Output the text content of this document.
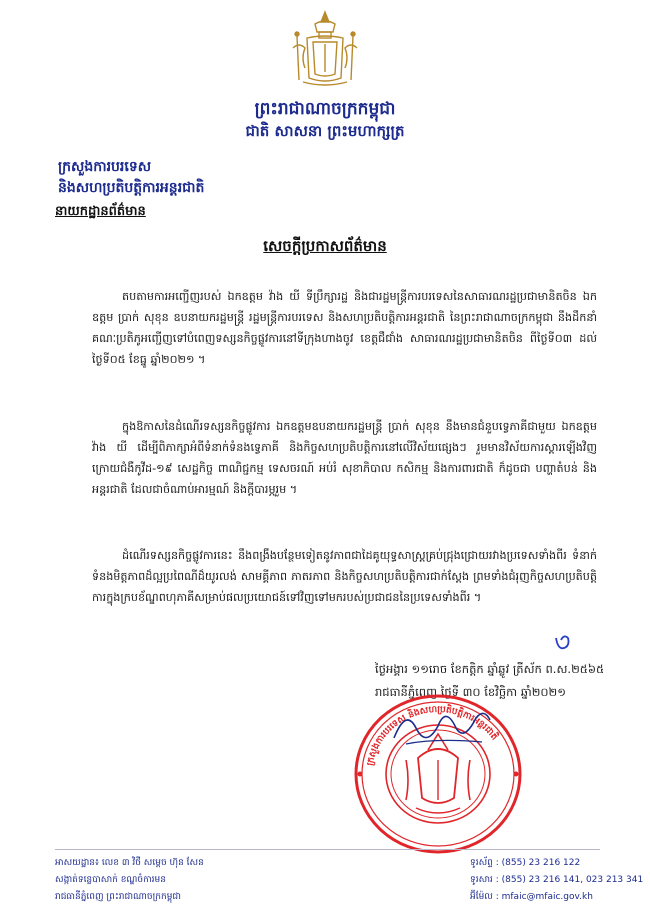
ព្រះរាជាណាចក្រកម្ពុជា
ជាតិ សាសនា ព្រះមហាក្សត្រ
ក្រសួងការបរទេស
និងសហប្រតិបត្តិការអន្តរជាតិ
នាយកដ្ឋានព័ត៌មាន
សេចក្តីប្រកាសព័ត៌មាន

តបតាមការអញ្ជើញរបស់ ឯកឧត្តម វ៉ាង យី ទីប្រឹក្សារដ្ឋ និងជារដ្ឋមន្ត្រីការបរទេសនៃសាធារណរដ្ឋប្រជាមានិតចិន ឯកឧត្តម ប្រាក់ សុខុន ឧបនាយករដ្ឋមន្ត្រី រដ្ឋមន្ត្រីការបរទេស និងសហប្រតិបត្តិការអន្តរជាតិ នៃព្រះរាជាណាចក្រកម្ពុជា នឹងដឹកនាំគណៈប្រតិភូអញ្ជើញទៅបំពេញទស្សនកិច្ចផ្លូវការនៅទីក្រុងហាងចូវ ខេត្តជឺជាំង សាធារណរដ្ឋប្រជាមានិតចិន ពីថ្ងៃទី០៣ ដល់ ថ្ងៃទី០៥ ខែធ្នូ ឆ្នាំ២០២១ ។

ក្នុងឱកាសនៃដំណើរទស្សនកិច្ចផ្លូវការ ឯកឧត្តមឧបនាយករដ្ឋមន្ត្រី ប្រាក់ សុខុន នឹងមានជំនួបទ្វេភាគីជាមួយ ឯកឧត្តម វ៉ាង យី ដើម្បីពិភាក្សាអំពីទំនាក់ទំនងទ្វេភាគី និងកិច្ចសហប្រតិបត្តិការនៅលើវិស័យផ្សេងៗ រួមមានវិស័យការស្តារឡើងវិញក្រោយជំងឺកូវីដ-១៩ សេដ្ឋកិច្ច ពាណិជ្ជកម្ម ទេសចរណ៍ អប់រំ សុខាភិបាល កសិកម្ម និងការពារជាតិ ក៏ដូចជា បញ្ហាតំបន់ និងអន្តរជាតិ ដែលជាចំណាប់អារម្មណ៍ និងក្តីបារម្ភរួម ។

ដំណើរទស្សនកិច្ចផ្លូវការនេះ នឹងពង្រឹងបន្ថែមទៀតនូវភាពជាដៃគូយុទ្ធសាស្ត្រគ្រប់ជ្រុងជ្រោយរវាងប្រទេសទាំងពីរ ទំនាក់ទំនងមិត្តភាពដ៏ល្អប្រពៃណីដ៏យូរលង់ សាមគ្គីភាព ភាតរភាព និងកិច្ចសហប្រតិបត្តិការជាក់ស្តែង ព្រមទាំងជំរុញកិច្ចសហប្រតិបត្តិការក្នុងក្របខ័ណ្ឌពហុភាគីសម្រាប់ផលប្រយោជន៍ទៅវិញទៅមករបស់ប្រជាជននៃប្រទេសទាំងពីរ ។

ថ្ងៃអង្គារ ១១រោច ខែកត្តិក ឆ្នាំឆ្លូវ ត្រីស័ក ព.ស.២៥៦៥
រាជធានីភ្នំពេញ ថ្ងៃទី ៣០ ខែវិច្ឆិកា ឆ្នាំ២០២១
ក្រសួងការបរទេស និងសហប្រតិបត្តិការអន្តរជាតិ
អាសយដ្ឋាន៖ លេខ ៣ វិថី សម្តេច ហ៊ុន សែន
សង្កាត់ទន្លេបាសាក់ ខណ្ឌចំការមន
រាជធានីភ្នំពេញ ព្រះរាជាណាចក្រកម្ពុជា
ទូរស័ព្ទ : (855) 23 216 122
ទូរសារ : (855) 23 216 141, 023 213 341
អ៊ីម៉ែល : mfaic@mfaic.gov.kh
